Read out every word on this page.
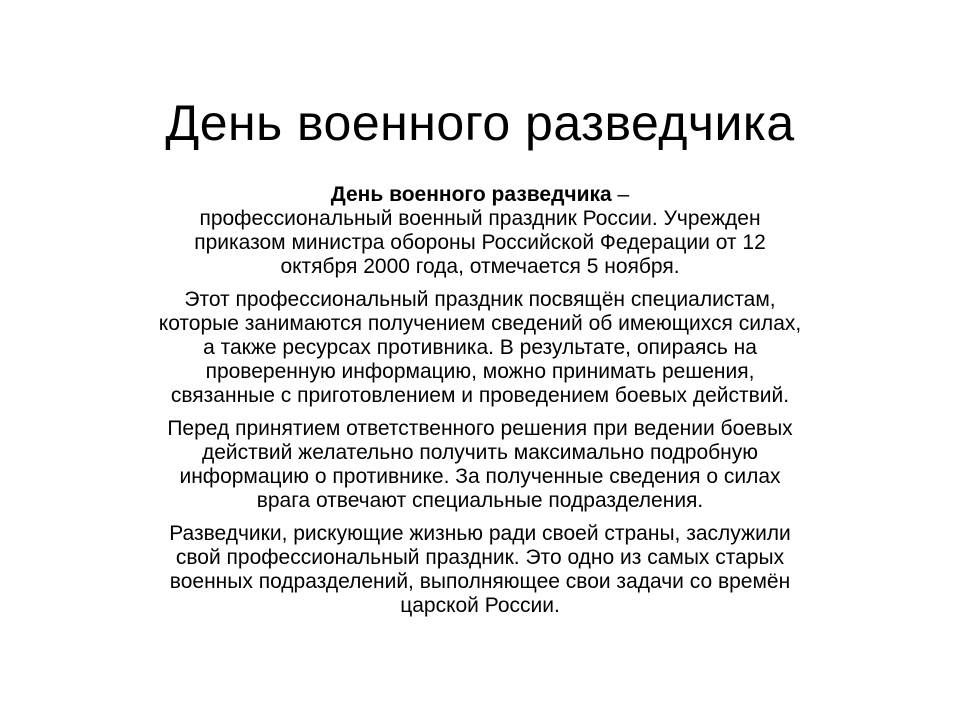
День военного разведчика

День военного разведчика –
профессиональный военный праздник России. Учрежден
приказом министра обороны Российской Федерации от 12
октября 2000 года, отмечается 5 ноября.

Этот профессиональный праздник посвящён специалистам,
которые занимаются получением сведений об имеющихся силах,
а также ресурсах противника. В результате, опираясь на
проверенную информацию, можно принимать решения,
связанные с приготовлением и проведением боевых действий.

Перед принятием ответственного решения при ведении боевых
действий желательно получить максимально подробную
информацию о противнике. За полученные сведения о силах
врага отвечают специальные подразделения.

Разведчики, рискующие жизнью ради своей страны, заслужили
свой профессиональный праздник. Это одно из самых старых
военных подразделений, выполняющее свои задачи со времён
царской России.
